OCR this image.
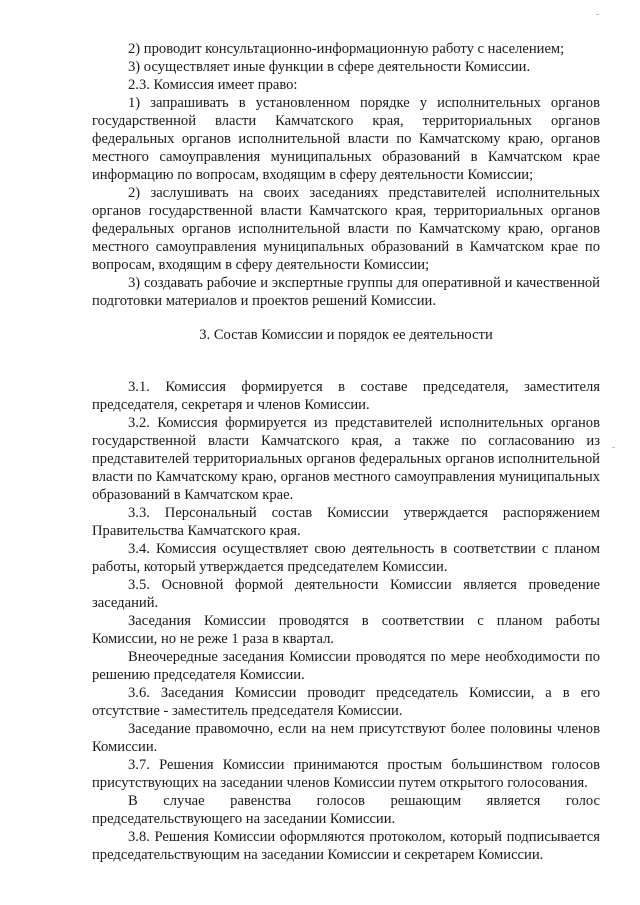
2) проводит консультационно-информационную работу с населением;

3) осуществляет иные функции в сфере деятельности Комиссии.

2.3. Комиссия имеет право:

1) запрашивать в установленном порядке у исполнительных органов государственной власти Камчатского края, территориальных органов федеральных органов исполнительной власти по Камчатскому краю, органов местного самоуправления муниципальных образований в Камчатском крае информацию по вопросам, входящим в сферу деятельности Комиссии;

2) заслушивать на своих заседаниях представителей исполнительных органов государственной власти Камчатского края, территориальных органов федеральных органов исполнительной власти по Камчатскому краю, органов местного самоуправления муниципальных образований в Камчатском крае по вопросам, входящим в сферу деятельности Комиссии;

3) создавать рабочие и экспертные группы для оперативной и качественной подготовки материалов и проектов решений Комиссии.

3. Состав Комиссии и порядок ее деятельности

3.1. Комиссия формируется в составе председателя, заместителя председателя, секретаря и членов Комиссии.

3.2. Комиссия формируется из представителей исполнительных органов государственной власти Камчатского края, а также по согласованию из представителей территориальных органов федеральных органов исполнительной власти по Камчатскому краю, органов местного самоуправления муниципальных образований в Камчатском крае.

3.3. Персональный состав Комиссии утверждается распоряжением Правительства Камчатского края.

3.4. Комиссия осуществляет свою деятельность в соответствии с планом работы, который утверждается председателем Комиссии.

3.5. Основной формой деятельности Комиссии является проведение заседаний.

Заседания Комиссии проводятся в соответствии с планом работы Комиссии, но не реже 1 раза в квартал.

Внеочередные заседания Комиссии проводятся по мере необходимости по решению председателя Комиссии.

3.6. Заседания Комиссии проводит председатель Комиссии, а в его отсутствие - заместитель председателя Комиссии.

Заседание правомочно, если на нем присутствуют более половины членов Комиссии.

3.7. Решения Комиссии принимаются простым большинством голосов присутствующих на заседании членов Комиссии путем открытого голосования.

В случае равенства голосов решающим является голос председательствующего на заседании Комиссии.

3.8. Решения Комиссии оформляются протоколом, который подписывается председательствующим на заседании Комиссии и секретарем Комиссии.
